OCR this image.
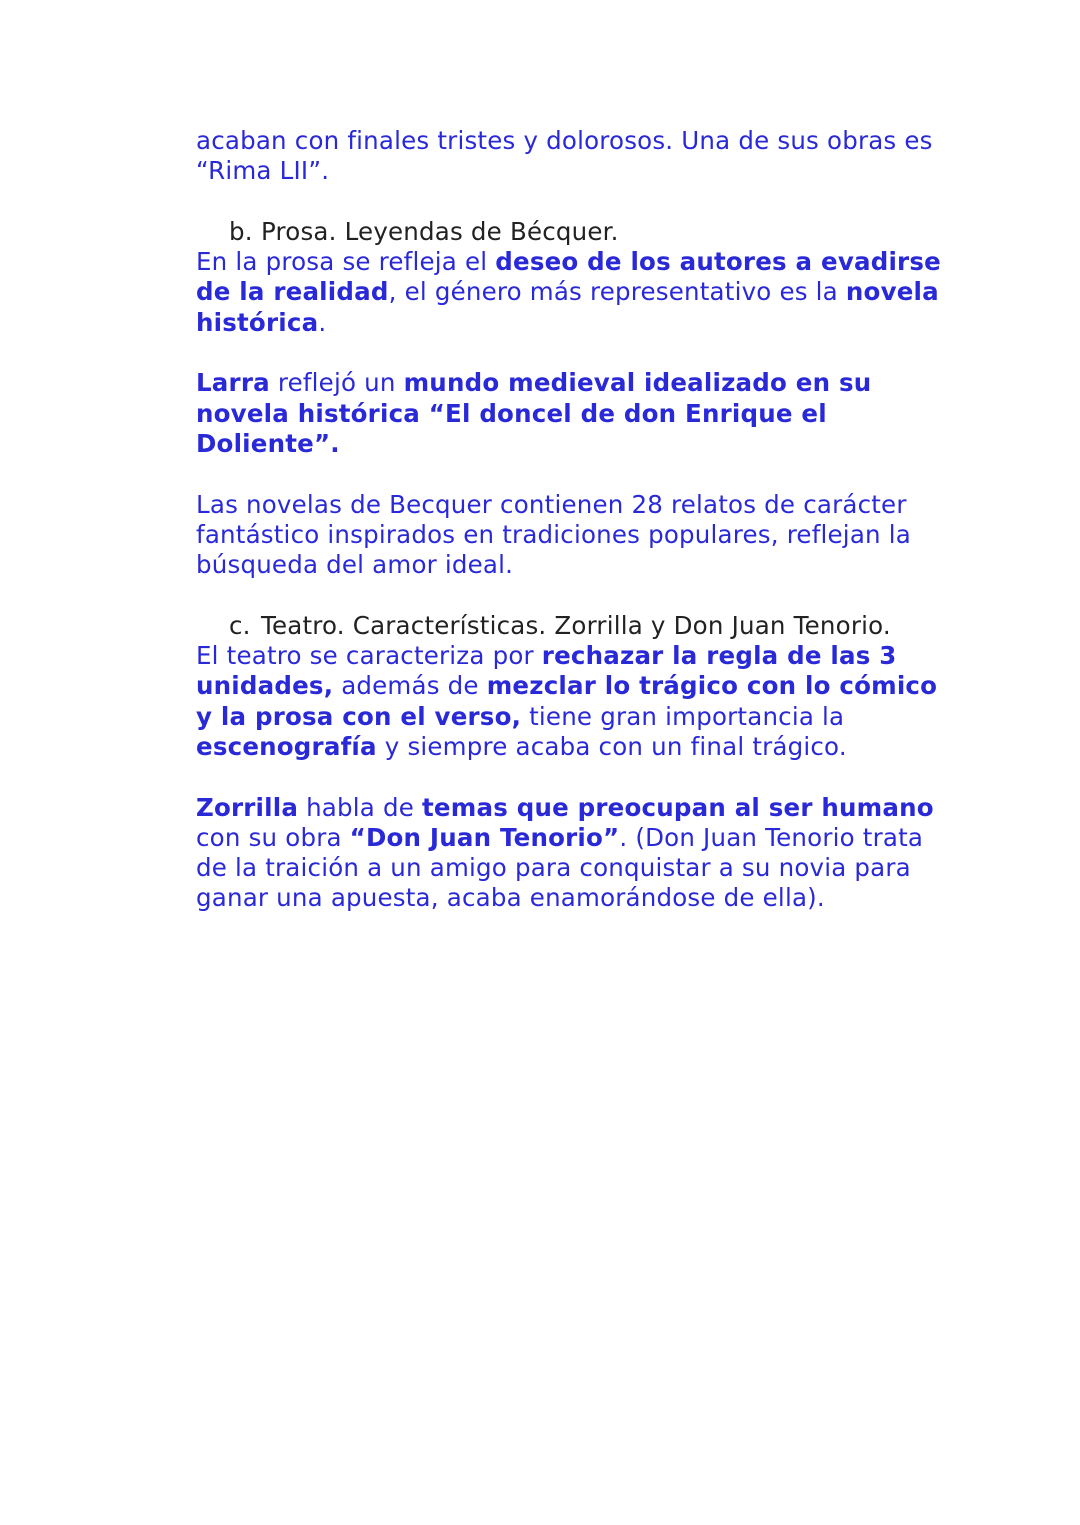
acaban con finales tristes y dolorosos. Una de sus obras es
“Rima LII”.

b. Prosa. Leyendas de Bécquer.

En la prosa se refleja el deseo de los autores a evadirse de la realidad, el género más representativo es la novela histórica.

Larra reflejó un mundo medieval idealizado en su novela histórica “El doncel de don Enrique el Doliente”.

Las novelas de Becquer contienen 28 relatos de carácter fantástico inspirados en tradiciones populares, reflejan la búsqueda del amor ideal.

c. Teatro. Características. Zorrilla y Don Juan Tenorio.

El teatro se caracteriza por rechazar la regla de las 3 unidades, además de mezclar lo trágico con lo cómico y la prosa con el verso, tiene gran importancia la escenografía y siempre acaba con un final trágico.

Zorrilla habla de temas que preocupan al ser humano con su obra “Don Juan Tenorio”. (Don Juan Tenorio trata de la traición a un amigo para conquistar a su novia para ganar una apuesta, acaba enamorándose de ella).
